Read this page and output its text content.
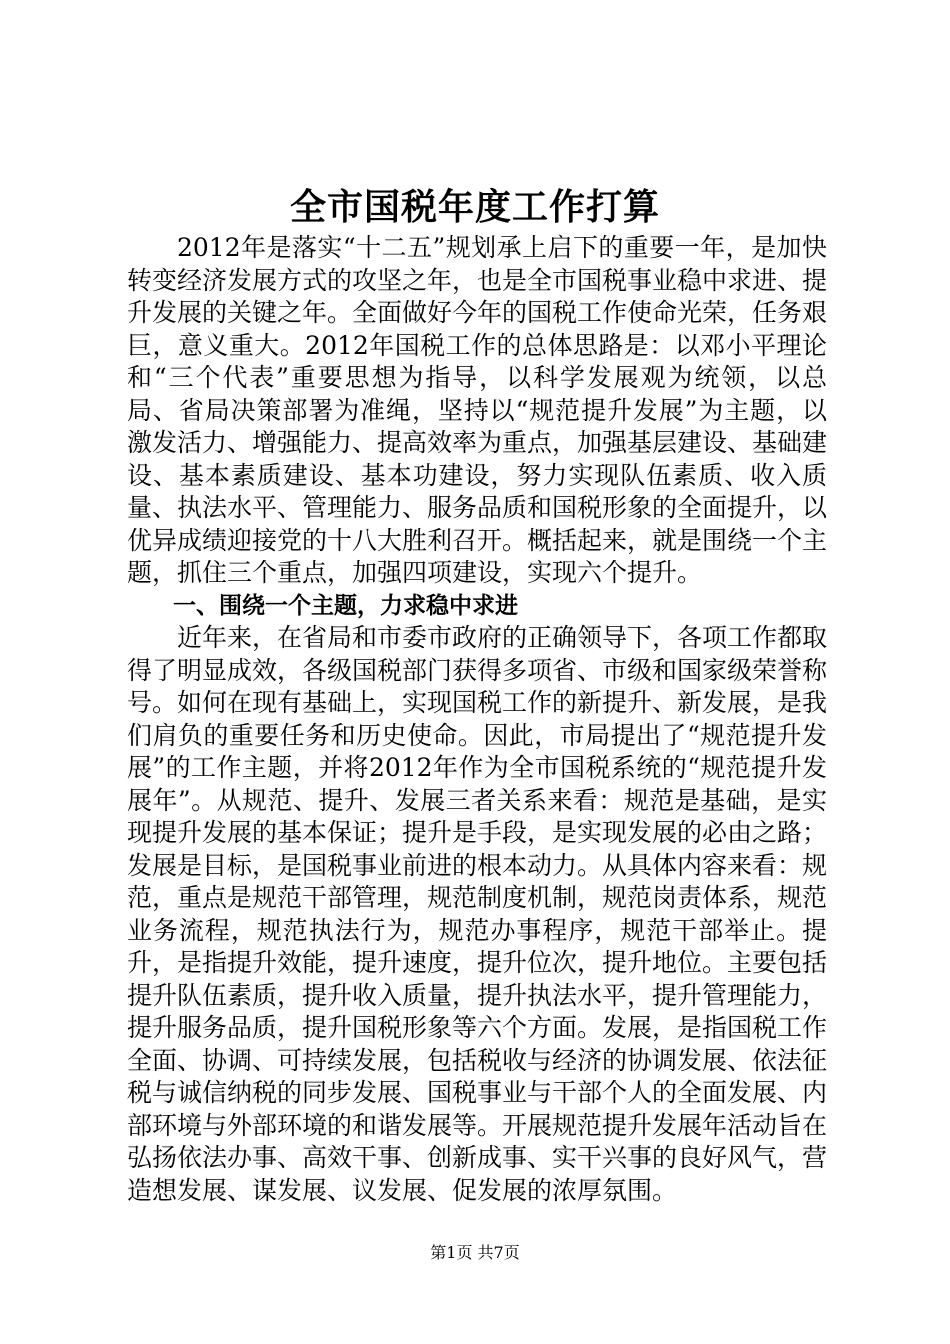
全市国税年度工作打算

2012年是落实“十二五”规划承上启下的重要一年，是加快转变经济发展方式的攻坚之年，也是全市国税事业稳中求进、提升发展的关键之年。全面做好今年的国税工作使命光荣，任务艰巨，意义重大。2012年国税工作的总体思路是：以邓小平理论和“三个代表”重要思想为指导，以科学发展观为统领，以总局、省局决策部署为准绳，坚持以“规范提升发展”为主题，以激发活力、增强能力、提高效率为重点，加强基层建设、基础建设、基本素质建设、基本功建设，努力实现队伍素质、收入质量、执法水平、管理能力、服务品质和国税形象的全面提升，以优异成绩迎接党的十八大胜利召开。概括起来，就是围绕一个主题，抓住三个重点，加强四项建设，实现六个提升。

一、围绕一个主题，力求稳中求进

近年来，在省局和市委市政府的正确领导下，各项工作都取得了明显成效，各级国税部门获得多项省、市级和国家级荣誉称号。如何在现有基础上，实现国税工作的新提升、新发展，是我们肩负的重要任务和历史使命。因此，市局提出了“规范提升发展”的工作主题，并将2012年作为全市国税系统的“规范提升发展年”。从规范、提升、发展三者关系来看：规范是基础，是实现提升发展的基本保证；提升是手段，是实现发展的必由之路；发展是目标，是国税事业前进的根本动力。从具体内容来看：规范，重点是规范干部管理，规范制度机制，规范岗责体系，规范业务流程，规范执法行为，规范办事程序，规范干部举止。提升，是指提升效能，提升速度，提升位次，提升地位。主要包括提升队伍素质，提升收入质量，提升执法水平，提升管理能力，提升服务品质，提升国税形象等六个方面。发展，是指国税工作全面、协调、可持续发展，包括税收与经济的协调发展、依法征税与诚信纳税的同步发展、国税事业与干部个人的全面发展、内部环境与外部环境的和谐发展等。开展规范提升发展年活动旨在弘扬依法办事、高效干事、创新成事、实干兴事的良好风气，营造想发展、谋发展、议发展、促发展的浓厚氛围。

第1页 共7页
